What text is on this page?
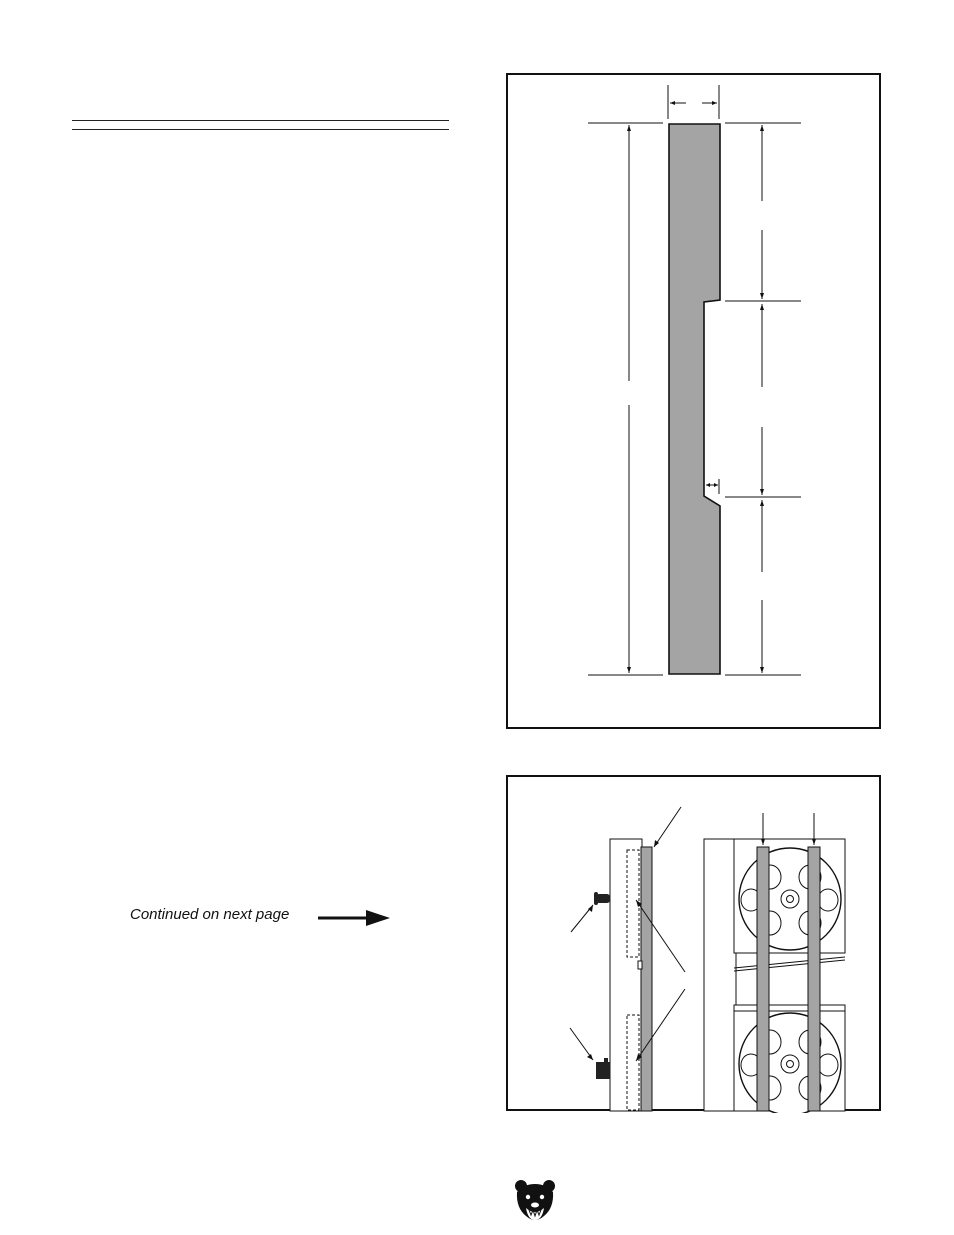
Continued on next page
